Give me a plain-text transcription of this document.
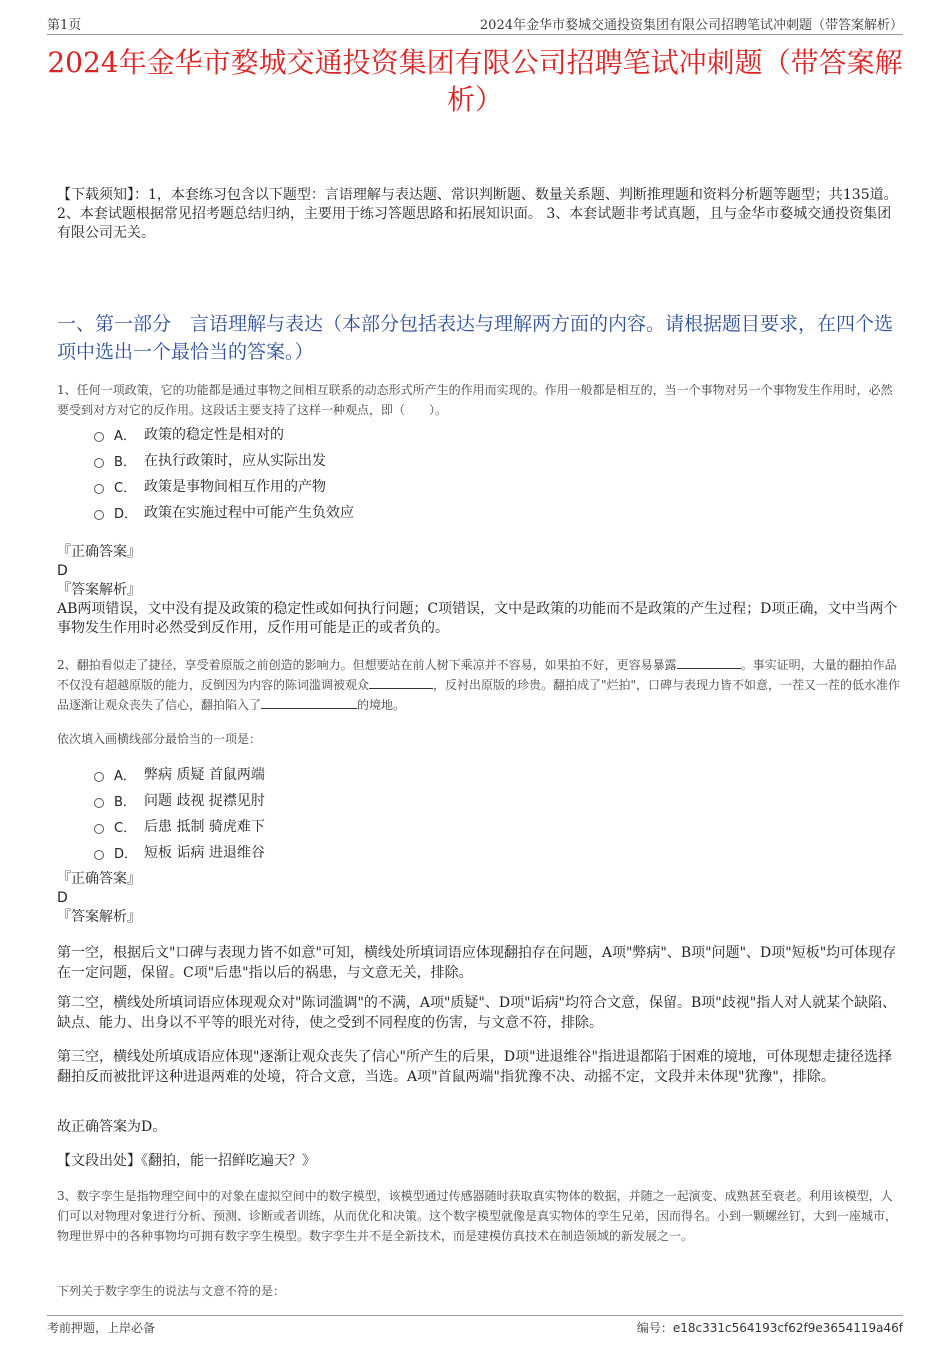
第1页	2024年金华市婺城交通投资集团有限公司招聘笔试冲刺题（带答案解析）
2024年金华市婺城交通投资集团有限公司招聘笔试冲刺题（带答案解析）
【下载须知】：1，本套练习包含以下题型：言语理解与表达题、常识判断题、数量关系题、判断推理题和资料分析题等题型；共135道。 2、本套试题根据常见招考题总结归纳，主要用于练习答题思路和拓展知识面。 3、本套试题非考试真题，且与金华市婺城交通投资集团有限公司无关。
一、第一部分　言语理解与表达（本部分包括表达与理解两方面的内容。请根据题目要求，在四个选项中选出一个最恰当的答案。）
1、任何一项政策，它的功能都是通过事物之间相互联系的动态形式所产生的作用而实现的。作用一般都是相互的，当一个事物对另一个事物发生作用时，必然要受到对方对它的反作用。这段话主要支持了这样一种观点，即（　　）。
A． 政策的稳定性是相对的
B． 在执行政策时，应从实际出发
C． 政策是事物间相互作用的产物
D． 政策在实施过程中可能产生负效应
『正确答案』
D
『答案解析』
AB两项错误，文中没有提及政策的稳定性或如何执行问题；C项错误，文中是政策的功能而不是政策的产生过程；D项正确，文中当两个事物发生作用时必然受到反作用，反作用可能是正的或者负的。
2、翻拍看似走了捷径，享受着原版之前创造的影响力。但想要站在前人树下乘凉并不容易，如果拍不好，更容易暴露	。事实证明，大量的翻拍作品不仅没有超越原版的能力，反倒因为内容的陈词滥调被观众	，反衬出原版的珍贵。翻拍成了"烂拍"，口碑与表现力皆不如意，一茬又一茬的低水准作品逐渐让观众丧失了信心，翻拍陷入了	的境地。
依次填入画横线部分最恰当的一项是：
A． 弊病 质疑 首鼠两端
B． 问题 歧视 捉襟见肘
C． 后患 抵制 骑虎难下
D． 短板 诟病 进退维谷
『正确答案』
D
『答案解析』
第一空，根据后文"口碑与表现力皆不如意"可知，横线处所填词语应体现翻拍存在问题，A项"弊病"、B项"问题"、D项"短板"均可体现存在一定问题，保留。C项"后患"指以后的祸患，与文意无关，排除。
第二空，横线处所填词语应体现观众对"陈词滥调"的不满，A项"质疑"、D项"诟病"均符合文意，保留。B项"歧视"指人对人就某个缺陷、缺点、能力、出身以不平等的眼光对待，使之受到不同程度的伤害，与文意不符，排除。
第三空，横线处所填成语应体现"逐渐让观众丧失了信心"所产生的后果，D项"进退维谷"指进退都陷于困难的境地，可体现想走捷径选择翻拍反而被批评这种进退两难的处境，符合文意，当选。A项"首鼠两端"指犹豫不决、动摇不定，文段并未体现"犹豫"，排除。
故正确答案为D。
【文段出处】《翻拍，能一招鲜吃遍天？》
3、数字孪生是指物理空间中的对象在虚拟空间中的数字模型，该模型通过传感器随时获取真实物体的数据，并随之一起演变、成熟甚至衰老。利用该模型，人们可以对物理对象进行分析、预测、诊断或者训练，从而优化和决策。这个数字模型就像是真实物体的孪生兄弟，因而得名。小到一颗螺丝钉，大到一座城市，物理世界中的各种事物均可拥有数字孪生模型。数字孪生并不是全新技术，而是建模仿真技术在制造领域的新发展之一。
下列关于数字孪生的说法与文意不符的是：
考前押题，上岸必备	编号：e18c331c564193cf62f9e3654119a46f
